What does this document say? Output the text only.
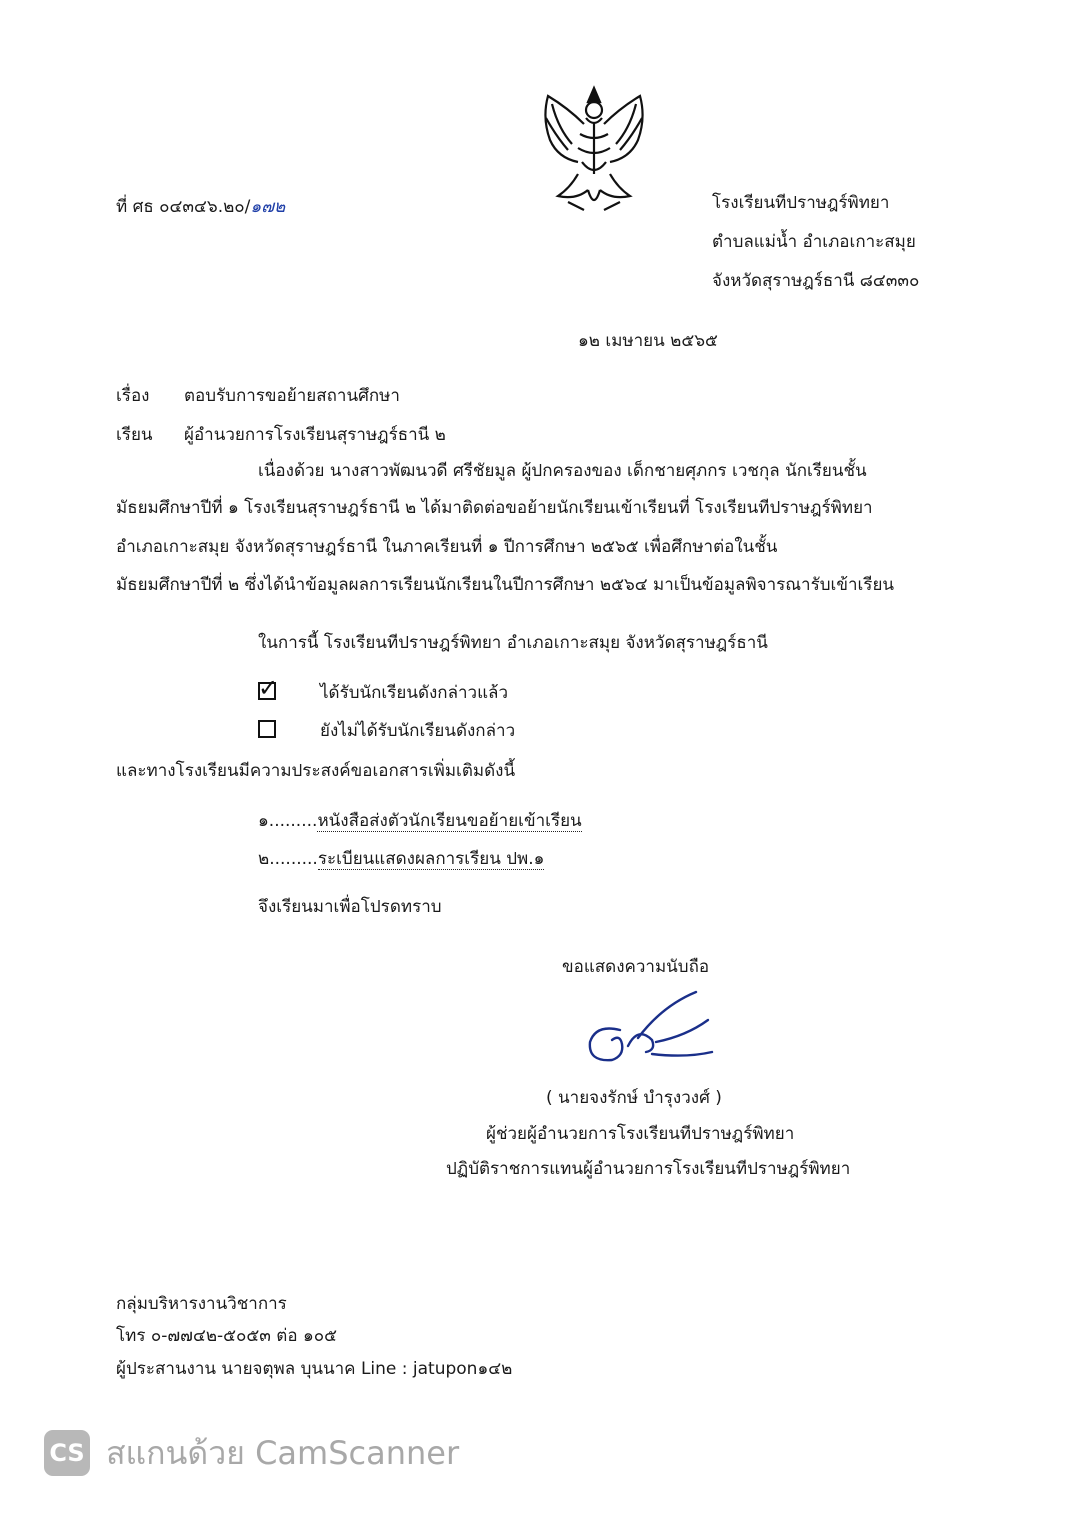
ที่ ศธ ๐๔๓๔๖.๒๐/๑๗๒	โรงเรียนทีปราษฎร์พิทยา
ตำบลแม่น้ำ อำเภอเกาะสมุย
จังหวัดสุราษฎร์ธานี ๘๔๓๓๐
๑๒ เมษายน ๒๕๖๕
เรื่อง ตอบรับการขอย้ายสถานศึกษา
เรียน ผู้อำนวยการโรงเรียนสุราษฎร์ธานี ๒
เนื่องด้วย นางสาวพัฒนวดี ศรีชัยมูล ผู้ปกครองของ เด็กชายศุภกร เวชกุล นักเรียนชั้น
มัธยมศึกษาปีที่ ๑ โรงเรียนสุราษฎร์ธานี ๒ ได้มาติดต่อขอย้ายนักเรียนเข้าเรียนที่ โรงเรียนทีปราษฎร์พิทยา
อำเภอเกาะสมุย จังหวัดสุราษฎร์ธานี ในภาคเรียนที่ ๑ ปีการศึกษา ๒๕๖๕ เพื่อศึกษาต่อในชั้น
มัธยมศึกษาปีที่ ๒ ซึ่งได้นำข้อมูลผลการเรียนนักเรียนในปีการศึกษา ๒๕๖๔ มาเป็นข้อมูลพิจารณารับเข้าเรียน
ในการนี้ โรงเรียนทีปราษฎร์พิทยา อำเภอเกาะสมุย จังหวัดสุราษฎร์ธานี
✓ ได้รับนักเรียนดังกล่าวแล้ว
ยังไม่ได้รับนักเรียนดังกล่าว
และทางโรงเรียนมีความประสงค์ขอเอกสารเพิ่มเติมดังนี้
๑.........หนังสือส่งตัวนักเรียนขอย้ายเข้าเรียน
๒.........ระเบียนแสดงผลการเรียน ปพ.๑
จึงเรียนมาเพื่อโปรดทราบ
ขอแสดงความนับถือ
( นายจงรักษ์ บำรุงวงศ์ )
ผู้ช่วยผู้อำนวยการโรงเรียนทีปราษฎร์พิทยา
ปฏิบัติราชการแทนผู้อำนวยการโรงเรียนทีปราษฎร์พิทยา
กลุ่มบริหารงานวิชาการ
โทร ๐-๗๗๔๒-๕๐๕๓ ต่อ ๑๐๕
ผู้ประสานงาน นายจตุพล บุนนาค Line : jatupon๑๔๒
CS สแกนด้วย CamScanner
